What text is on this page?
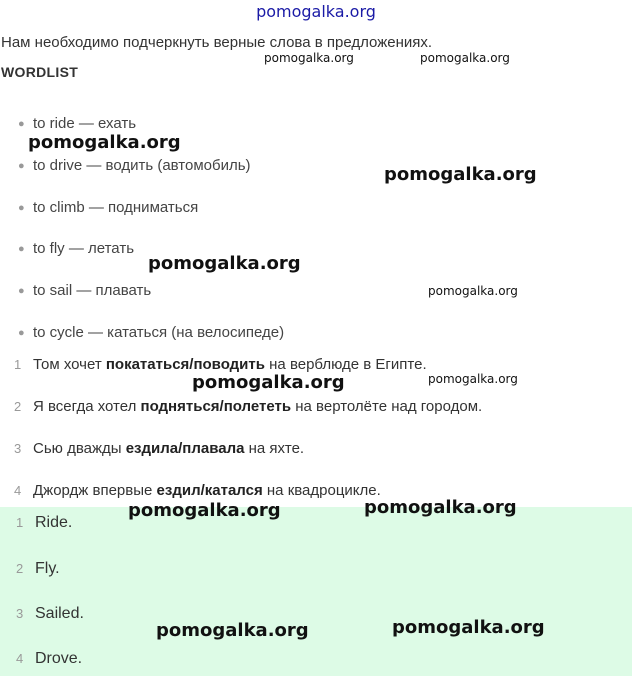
pomogalka.org
Нам необходимо подчеркнуть верные слова в предложениях.
WORDLIST
● to ride — ехать
● to drive — водить (автомобиль)
● to climb — подниматься
● to fly — летать
● to sail — плавать
● to cycle — кататься (на велосипеде)
1 Том хочет покататься/поводить на верблюде в Египте.
2 Я всегда хотел подняться/полететь на вертолёте над городом.
3 Сью дважды ездила/плавала на яхте.
4 Джордж впервые ездил/катался на квадроцикле.
1 Ride.
2 Fly.
3 Sailed.
4 Drove.
pomogalka.org	pomogalka.org
pomogalka.org
pomogalka.org
pomogalka.org
pomogalka.org
pomogalka.org	pomogalka.org
pomogalka.org	pomogalka.org
pomogalka.org	pomogalka.org
